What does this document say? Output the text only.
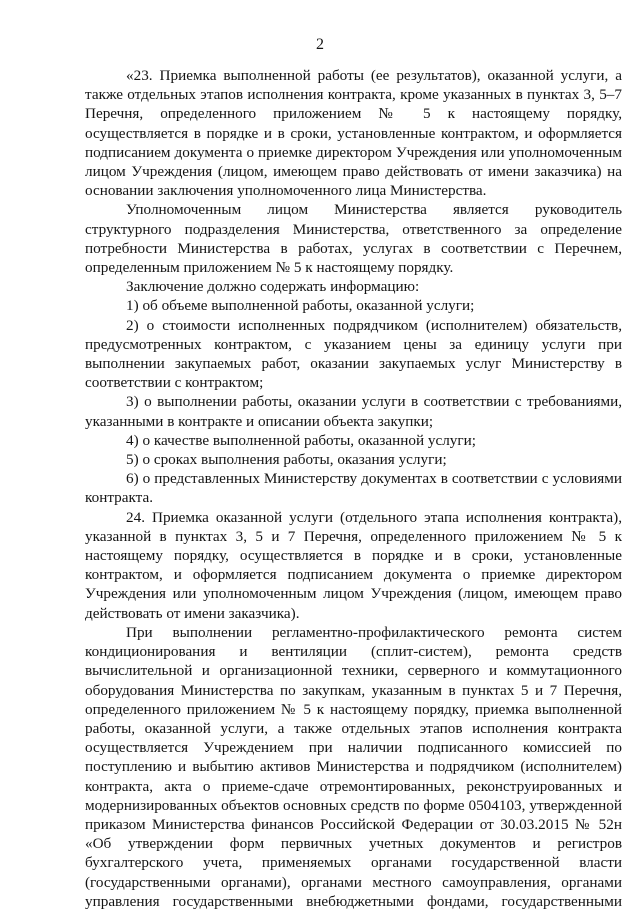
2

«23. Приемка выполненной работы (ее результатов), оказанной услуги, а также отдельных этапов исполнения контракта, кроме указанных в пунктах 3, 5–7 Перечня, определенного приложением № 5 к настоящему порядку, осуществляется в порядке и в сроки, установленные контрактом, и оформляется подписанием документа о приемке директором Учреждения или уполномоченным лицом Учреждения (лицом, имеющем право действовать от имени заказчика) на основании заключения уполномоченного лица Министерства.

Уполномоченным лицом Министерства является руководитель структурного подразделения Министерства, ответственного за определение потребности Министерства в работах, услугах в соответствии с Перечнем, определенным приложением № 5 к настоящему порядку.

Заключение должно содержать информацию:

1) об объеме выполненной работы, оказанной услуги;

2) о стоимости исполненных подрядчиком (исполнителем) обязательств, предусмотренных контрактом, с указанием цены за единицу услуги при выполнении закупаемых работ, оказании закупаемых услуг Министерству в соответствии с контрактом;

3) о выполнении работы, оказании услуги в соответствии с требованиями, указанными в контракте и описании объекта закупки;

4) о качестве выполненной работы, оказанной услуги;

5) о сроках выполнения работы, оказания услуги;

6) о представленных Министерству документах в соответствии с условиями контракта.

24. Приемка оказанной услуги (отдельного этапа исполнения контракта), указанной в пунктах 3, 5 и 7 Перечня, определенного приложением № 5 к настоящему порядку, осуществляется в порядке и в сроки, установленные контрактом, и оформляется подписанием документа о приемке директором Учреждения или уполномоченным лицом Учреждения (лицом, имеющем право действовать от имени заказчика).

При выполнении регламентно-профилактического ремонта систем кондиционирования и вентиляции (сплит-систем), ремонта средств вычислительной и организационной техники, серверного и коммутационного оборудования Министерства по закупкам, указанным в пунктах 5 и 7 Перечня, определенного приложением № 5 к настоящему порядку, приемка выполненной работы, оказанной услуги, а также отдельных этапов исполнения контракта осуществляется Учреждением при наличии подписанного комиссией по поступлению и выбытию активов Министерства и подрядчиком (исполнителем) контракта, акта о приеме-сдаче отремонтированных, реконструированных и модернизированных объектов основных средств по форме 0504103, утвержденной приказом Министерства финансов Российской Федерации от 30.03.2015 № 52н «Об утверждении форм первичных учетных документов и регистров бухгалтерского учета, применяемых органами государственной власти (государственными органами), органами местного самоуправления, органами управления государственными внебюджетными фондами, государственными
